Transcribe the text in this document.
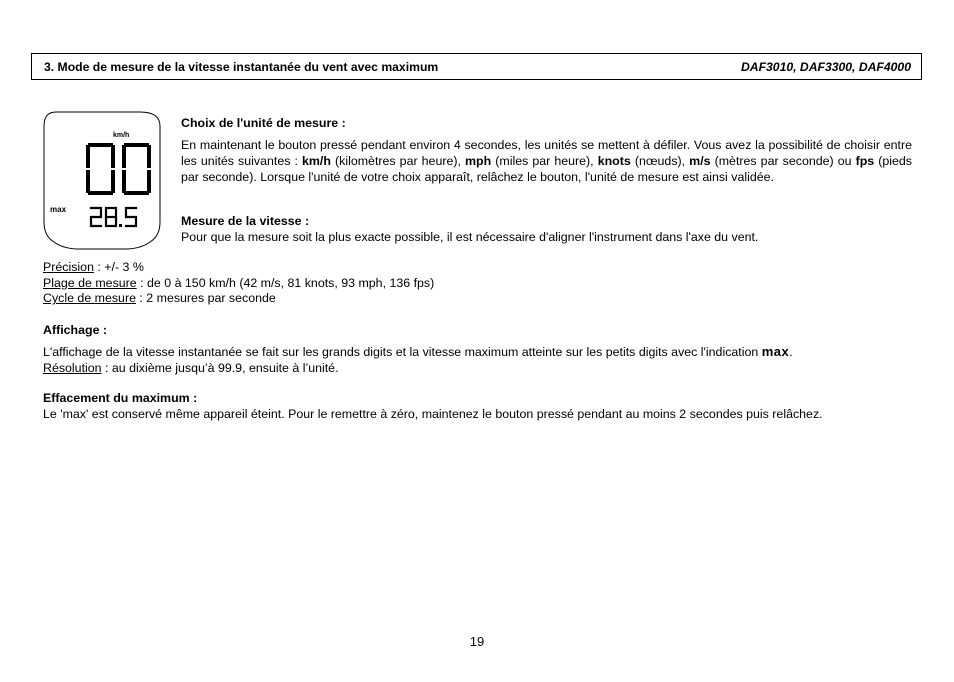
3. Mode de mesure de la vitesse instantanée du vent avec maximum	DAF3010, DAF3300, DAF4000
km/h
max
Choix de l'unité de mesure :
En maintenant le bouton pressé pendant environ 4 secondes, les unités se mettent à défiler. Vous avez la possibilité de choisir entre les unités suivantes : km/h (kilomètres par heure), mph (miles par heure), knots (nœuds), m/s (mètres par seconde) ou fps (pieds par seconde). Lorsque l'unité de votre choix apparaît, relâchez le bouton, l'unité de mesure est ainsi validée.
Mesure de la vitesse :
Pour que la mesure soit la plus exacte possible, il est nécessaire d'aligner l'instrument dans l'axe du vent.
Précision : +/- 3 %
Plage de mesure : de 0 à 150 km/h (42 m/s, 81 knots, 93 mph, 136 fps)
Cycle de mesure : 2 mesures par seconde
Affichage :
L'affichage de la vitesse instantanée se fait sur les grands digits et la vitesse maximum atteinte sur les petits digits avec l'indication max.
Résolution : au dixième jusqu’à 99.9, ensuite à l’unité.
Effacement du maximum :
Le 'max' est conservé même appareil éteint. Pour le remettre à zéro, maintenez le bouton pressé pendant au moins 2 secondes puis relâchez.
19
